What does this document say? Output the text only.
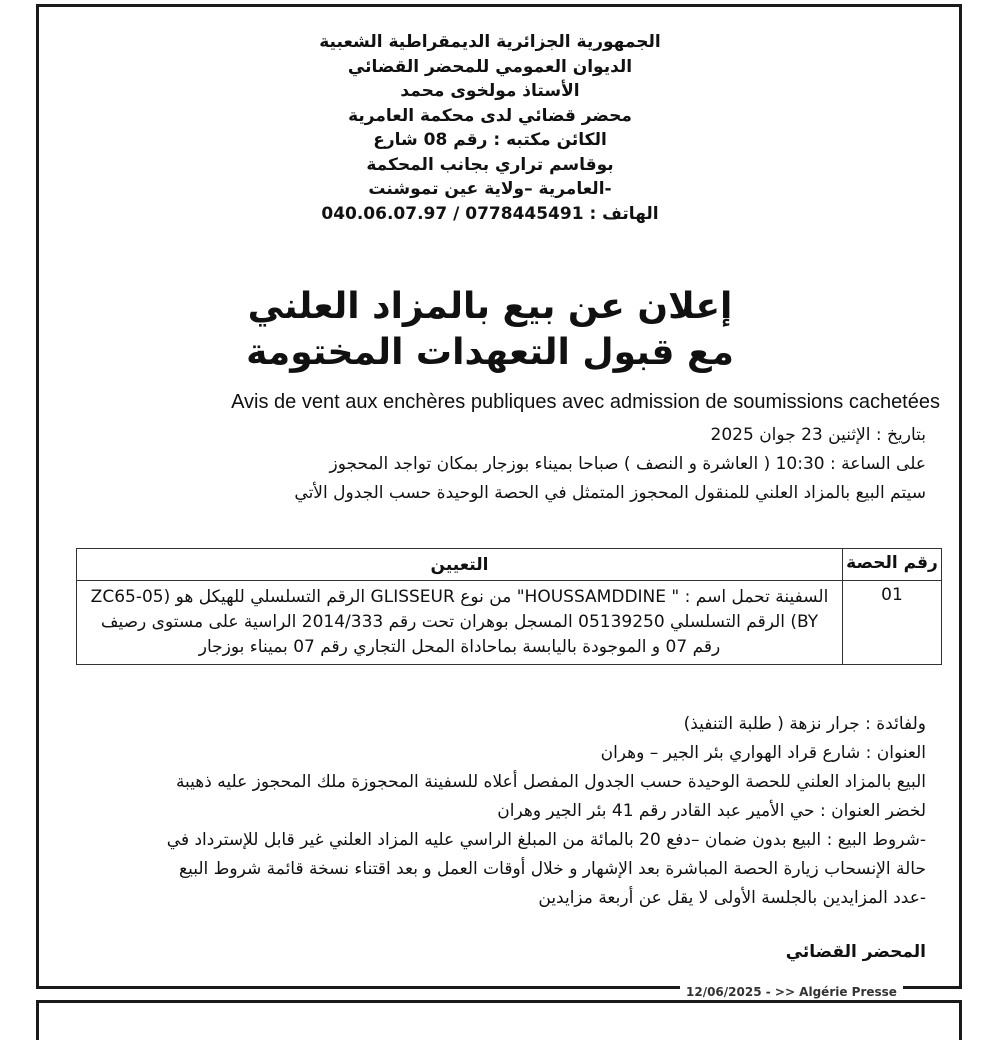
الجمهورية الجزائرية الديمقراطية الشعبية
الديوان العمومي للمحضر القضائي
الأستاذ مولخوى محمد
محضر قضائي لدى محكمة العامرية
الكائن مكتبه : رقم 08 شارع
بوقاسم تراري بجانب المحكمة
-العامرية –ولاية عين تموشنت
الهاتف : 0778445491 / 040.06.07.97
إعلان عن بيع بالمزاد العلني
مع قبول التعهدات المختومة
Avis de vent aux enchères publiques avec admission de soumissions cachetées
بتاريخ : الإثنين 23 جوان 2025
على الساعة : 10:30 ( العاشرة و النصف ) صباحا بميناء بوزجار بمكان تواجد المحجوز
سيتم البيع بالمزاد العلني للمنقول المحجوز المتمثل في الحصة الوحيدة حسب الجدول الأتي
رقم الحصة	التعيين
01	السفينة تحمل اسم : " HOUSSAMDDINE" من نوع GLISSEUR الرقم التسلسلي للهيكل هو (ZC65-05 BY) الرقم التسلسلي 05139250 المسجل بوهران تحت رقم 2014/333 الراسية على مستوى رصيف رقم 07 و الموجودة باليابسة بماحاداة المحل التجاري رقم 07 بميناء بوزجار
ولفائدة : جرار نزهة ( طلبة التنفيذ)
العنوان : شارع قراد الهواري بئر الجير – وهران
البيع بالمزاد العلني للحصة الوحيدة حسب الجدول المفصل أعلاه للسفينة المحجوزة ملك المحجوز عليه ذهيبة
لخضر العنوان : حي الأمير عبد القادر رقم 41 بئر الجير وهران
-شروط البيع : البيع بدون ضمان –دفع 20 بالمائة من المبلغ الراسي عليه المزاد العلني غير قابل للإسترداد في
حالة الإنسحاب زيارة الحصة المباشرة بعد الإشهار و خلال أوقات العمل و بعد اقتناء نسخة قائمة شروط البيع
-عدد المزايدين بالجلسة الأولى لا يقل عن أربعة مزايدين
المحضر القضائي
12/06/2025 - >> Algérie Presse
